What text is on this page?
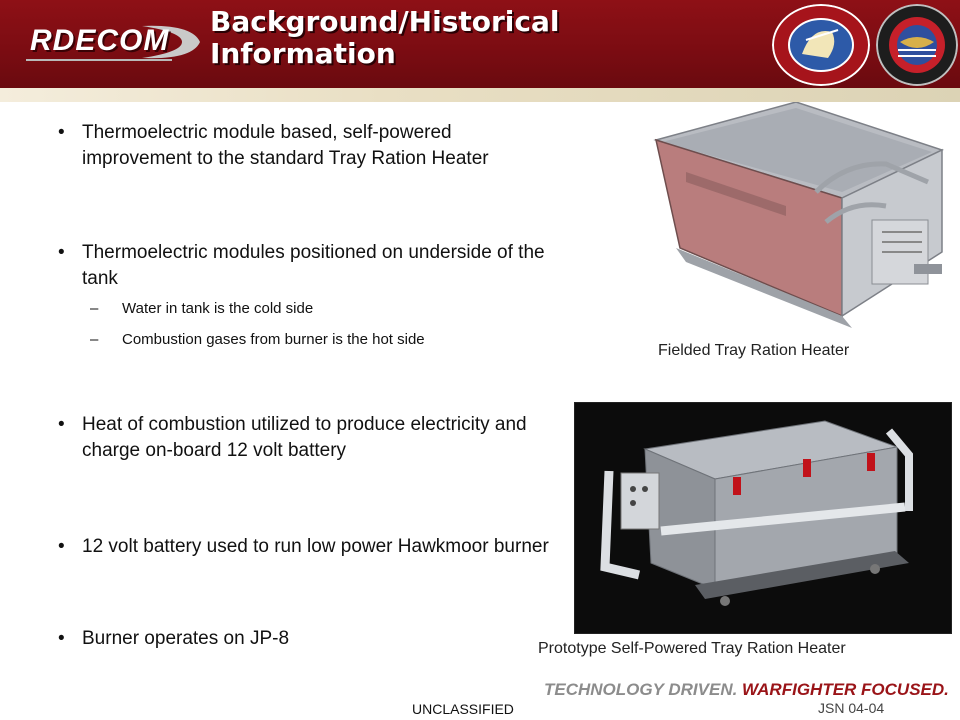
RDECOM
Background/Historical
Information
• Thermoelectric module based, self-powered improvement to the standard Tray Ration Heater
• Thermoelectric modules positioned on underside of the tank
– Water in tank is the cold side
– Combustion gases from burner is the hot side
• Heat of combustion utilized to produce electricity and charge on-board 12 volt battery
• 12 volt battery used to run low power Hawkmoor burner
• Burner operates on JP-8
Fielded Tray Ration Heater
Prototype Self-Powered Tray Ration Heater
TECHNOLOGY DRIVEN. WARFIGHTER FOCUSED.
UNCLASSIFIED	JSN 04-04
